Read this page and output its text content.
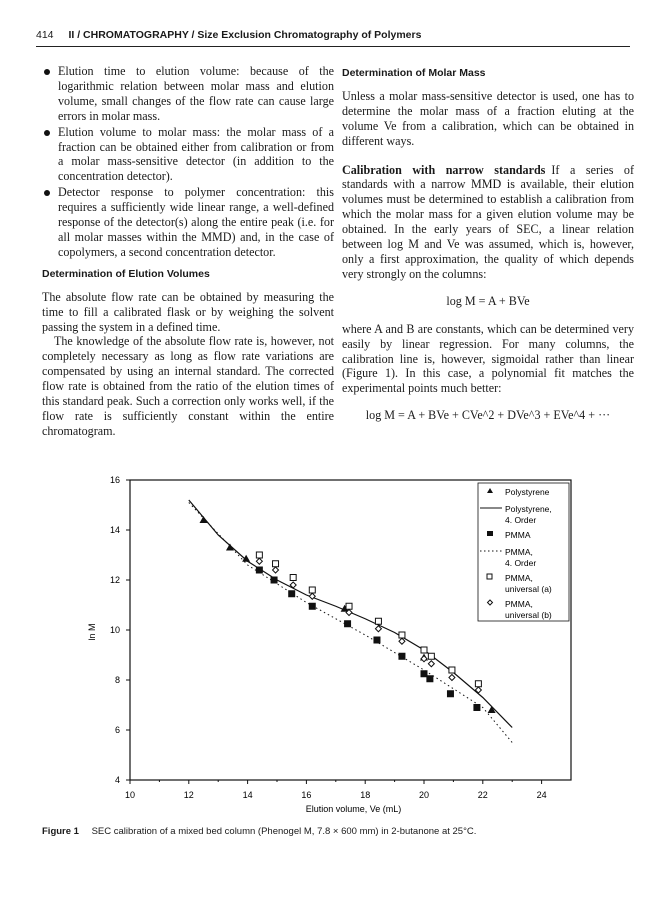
414 II / CHROMATOGRAPHY / Size Exclusion Chromatography of Polymers
Elution time to elution volume: because of the logarithmic relation between molar mass and elution volume, small changes of the flow rate can cause large errors in molar mass.
Elution volume to molar mass: the molar mass of a fraction can be obtained either from calibration or from a molar mass-sensitive detector (in addition to the concentration detector).
Detector response to polymer concentration: this requires a sufficiently wide linear range, a well-defined response of the detector(s) along the entire peak (i.e. for all molar masses within the MMD) and, in the case of copolymers, a second concentration detector.
Determination of Elution Volumes

The absolute flow rate can be obtained by measuring the time to fill a calibrated flask or by weighing the solvent passing the system in a defined time.

The knowledge of the absolute flow rate is, however, not completely necessary as long as flow rate variations are compensated by using an internal standard. The corrected flow rate is obtained from the ratio of the elution times of this standard peak. Such a correction only works well, if the flow rate is sufficiently constant within the entire chromatogram.

Determination of Molar Mass

Unless a molar mass-sensitive detector is used, one has to determine the molar mass of a fraction eluting at the volume Ve from a calibration, which can be obtained in different ways.

Calibration with narrow standards If a series of standards with a narrow MMD is available, their elution volumes must be determined to establish a calibration from which the molar mass for a given elution volume may be obtained. In the early years of SEC, a linear relation between log M and Ve was assumed, which is, however, only a first approximation, the quality of which depends very strongly on the columns:

log M = A + BVe

where A and B are constants, which can be determined very easily by linear regression. For many columns, the calibration line is, however, sigmoidal rather than linear (Figure 1). In this case, a polynomial fit matches the experimental points much better:

log M = A + BVe + CVe^2 + DVe^3 + EVe^4 + ···
10	12	14	16	18	20	22	24
4
6
8
10
12
14
16
Elution volume, Ve (mL)
ln M
Polystyrene
Polystyrene,
4. Order
PMMA
PMMA,
4. Order
PMMA,
universal (a)
PMMA,
universal (b)
Figure 1 SEC calibration of a mixed bed column (Phenogel M, 7.8 × 600 mm) in 2-butanone at 25°C.
